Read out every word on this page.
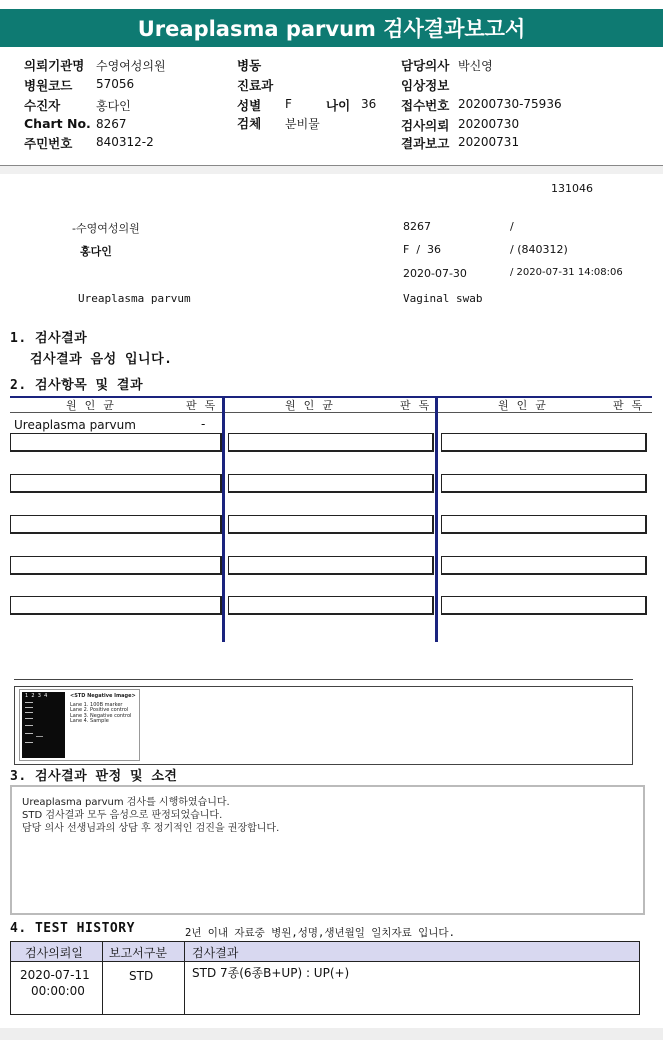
Ureaplasma parvum 검사결과보고서
의뢰기관명 수영여성의원
병원코드 57056
수진자	홍다인
Chart No. 8267
주민번호 840312-2
병동
진료과
성별 F	나이 36
검체 분비물
담당의사 박신영
임상정보
접수번호 20200730-75936
검사의뢰 20200730
결과보고 20200731
131046
-수영여성의원	8267	/
홍다인	F  /  36	/ (840312)
2020-07-30	/ 2020-07-31 14:08:06
Ureaplasma parvum	Vaginal swab
1. 검사결과
검사결과 음성 입니다.
2. 검사항목 및 결과
원인균	판독	원인균	판독	원인균	판독
Ureaplasma parvum	-
1  2  3  4	<STD Negative Image>
Lane 1. 100B marker
Lane 2. Positive control
Lane 3. Negative control
Lane 4. Sample
3. 검사결과 판정 및 소견
Ureaplasma parvum 검사를 시행하였습니다.
STD 검사결과 모두 음성으로 판정되었습니다.
담당 의사 선생님과의 상담 후 정기적인 검진을 권장합니다.
4. TEST HISTORY	2년 이내 자료중 병원,성명,생년월일 일치자료 입니다.
검사의뢰일 보고서구분 검사결과
2020-07-11
00:00:00
STD	STD 7종(6종B+UP) : UP(+)
